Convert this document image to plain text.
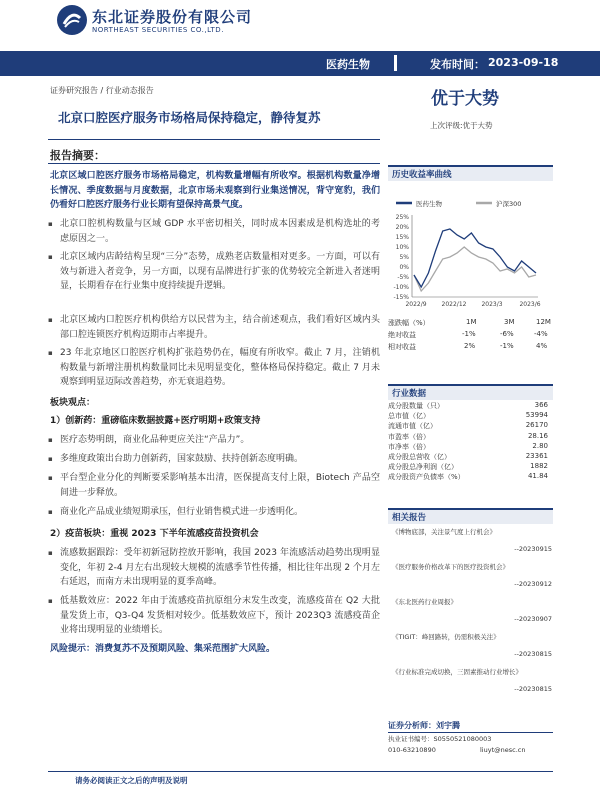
东北证券股份有限公司
NORTHEAST SECURITIES CO.,LTD.
医药生物	发布时间： 2023-09-18
证券研究报告 / 行业动态报告
北京口腔医疗服务市场格局保持稳定，静待复苏
优于大势
上次评级:优于大势
报告摘要：
北京区域口腔医疗服务市场格局稳定，机构数量增幅有所收窄。根据机构数量净增长情况、季度数据与月度数据，北京市场未观察到行业集送情况，背守宽豹，我们仍看好口腔医疗服务行业长期有望保持高景气度。
▪ 北京口腔机构数量与区域 GDP 水平密切相关，同时成本因素成是机构选址的考虑原因之一。
▪ 北京区域内店龄结构呈现“三分”态势，成熟老店数量相对更多。一方面，可以有效与新进入者竞争，另一方面，以现有品牌进行扩张的优势较完全新进入者迷明显，长期看存在行业集中度持续提升逻辑。
▪ 北京区域内口腔医疗机构供给方以民营为主，结合前述观点，我们看好区域内头部口腔连锁医疗机构迈期市占率提升。
▪ 23 年北京地区口腔医疗机构扩张趋势仍在，幅度有所收窄。截止 7 月，注销机构数量与新增注册机构数量同比未见明显变化，整体格局保持稳定。截止 7 月未观察到明显迈际改善趋势，亦无衰退趋势。
板块观点：
1）创新药：重磅临床数据披露+医疗明期+政策支持
▪ 医疗态势明朗，商业化品种更应关注“产品力”。
▪ 多维度政策出台助力创新药，国家鼓励、扶持创新态度明确。
▪ 平台型企业分化的判断要采影响基本出清，医保提高支付上限，Biotech 产品空间进一步释放。
▪ 商业化产品成业绩短期承压，但行业销售模式进一步透明化。
2）疫苗板块：重视 2023 下半年流感疫苗投资机会
▪ 流感数据跟踪：受年初新冠防控放开影响，我国 2023 年流感活动趋势出现明显变化，年初 2-4 月左右出现较大规模的流感季节性传播，相比往年出现 2 个月左右延迟，而南方未出现明显的夏季高峰。
▪ 低基数效应：2022 年由于流感疫苗抗原组分末发生改变，流感疫苗在 Q2 大批量发货上市，Q3-Q4 发货相对较少。低基数效应下，预计 2023Q3 流感疫苗企业将出现明显的业绩增长。
风险提示：消费复苏不及预期风险、集采范围扩大风险。
历史收益率曲线
医药生物	沪深300
25%
20%
15%
10%
5%
0%
-5%
-10%
-15%
2022/9 2022/12 2023/3	2023/6
涨跌幅（%）	1M	3M	12M
绝对收益	-1%	-6%	-4%
相对收益	2%	-1%	4%
行业数据
成分股数量（只）	366
总市值（亿）	53994
流通市值（亿）	26170
市盈率（倍）	28.16
市净率（倍）	2.80
成分股总营收（亿）	23361
成分股总净利润（亿）	1882
成分股资产负债率（%）	41.84
相关报告
《博物底部，关注景气度上行机会》
--20230915
《医疗服务价格改革下的医疗投资机会》
--20230912
《东北医药行业周报》
--20230907
《TIGIT：峰回路转，仍需积极关注》
--20230815
《行业标准完成切换，三固素推动行业增长》
--20230815
证券分析师：刘宇腾
执业证书编号：S0550521080003
010-63210890	liuyt@nesc.cn
请务必阅读正文之后的声明及说明
